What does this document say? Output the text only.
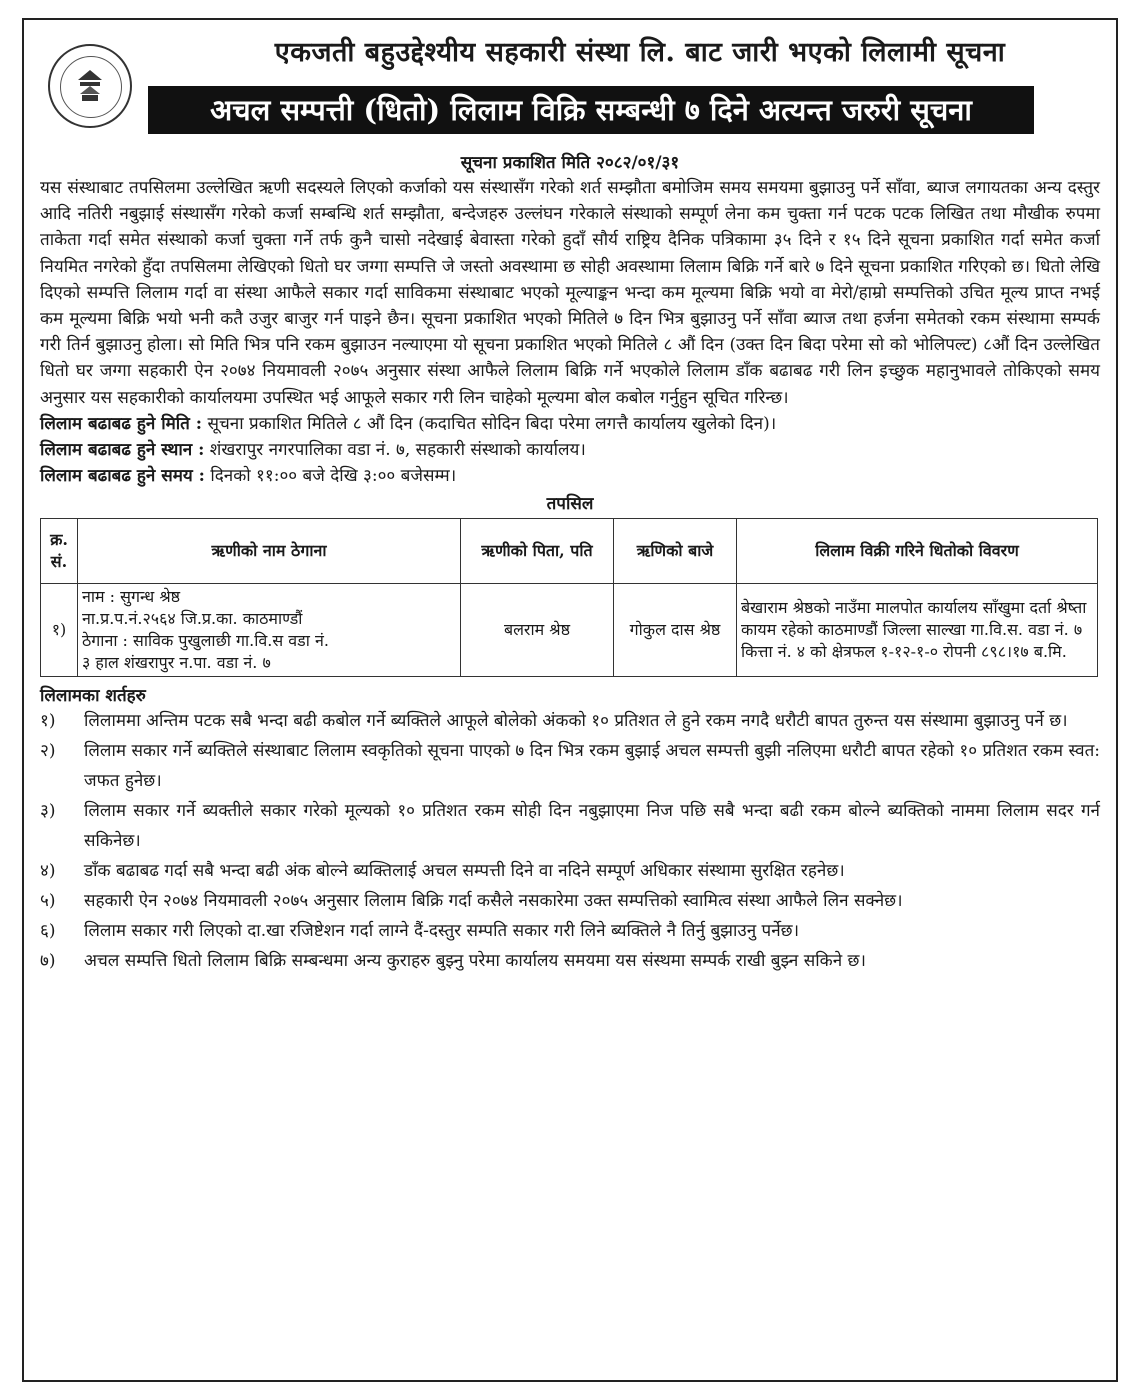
एकजती बहुउद्देश्यीय सहकारी संस्था लि. बाट जारी भएको लिलामी सूचना
अचल सम्पत्ती (धितो) लिलाम विक्रि सम्बन्धी ७ दिने अत्यन्त जरुरी सूचना
सूचना प्रकाशित मिति २०८२/०१/३१

यस संस्थाबाट तपसिलमा उल्लेखित ऋणी सदस्यले लिएको कर्जाको यस संस्थासँग गरेको शर्त सम्झौता बमोजिम समय समयमा बुझाउनु पर्ने साँवा, ब्याज लगायतका अन्य दस्तुर आदि नतिरी नबुझाई संस्थासँग गरेको कर्जा सम्बन्धि शर्त सम्झौता, बन्देजहरु उल्लंघन गरेकाले संस्थाको सम्पूर्ण लेना कम चुक्ता गर्न पटक पटक लिखित तथा मौखीक रुपमा ताकेता गर्दा समेत संस्थाको कर्जा चुक्ता गर्ने तर्फ कुनै चासो नदेखाई बेवास्ता गरेको हुदाँ सौर्य राष्ट्रिय दैनिक पत्रिकामा ३५ दिने र १५ दिने सूचना प्रकाशित गर्दा समेत कर्जा नियमित नगरेको हुँदा तपसिलमा लेखिएको धितो घर जग्गा सम्पत्ति जे जस्तो अवस्थामा छ सोही अवस्थामा लिलाम बिक्रि गर्ने बारे ७ दिने सूचना प्रकाशित गरिएको छ। धितो लेखि दिएको सम्पत्ति लिलाम गर्दा वा संस्था आफैले सकार गर्दा साविकमा संस्थाबाट भएको मूल्याङ्कन भन्दा कम मूल्यमा बिक्रि भयो वा मेरो/हाम्रो सम्पत्तिको उचित मूल्य प्राप्त नभई कम मूल्यमा बिक्रि भयो भनी कतै उजुर बाजुर गर्न पाइने छैन। सूचना प्रकाशित भएको मितिले ७ दिन भित्र बुझाउनु पर्ने साँवा ब्याज तथा हर्जना समेतको रकम संस्थामा सम्पर्क गरी तिर्न बुझाउनु होला। सो मिति भित्र पनि रकम बुझाउन नल्याएमा यो सूचना प्रकाशित भएको मितिले ८ औं दिन (उक्त दिन बिदा परेमा सो को भोलिपल्ट) ८औं दिन उल्लेखित धितो घर जग्गा सहकारी ऐन २०७४ नियमावली २०७५ अनुसार संस्था आफैले लिलाम बिक्रि गर्ने भएकोले लिलाम डाँक बढाबढ गरी लिन इच्छुक महानुभावले तोकिएको समय अनुसार यस सहकारीको कार्यालयमा उपस्थित भई आफूले सकार गरी लिन चाहेको मूल्यमा बोल कबोल गर्नुहुन सूचित गरिन्छ।

लिलाम बढाबढ हुने मिति : सूचना प्रकाशित मितिले ८ औं दिन (कदाचित सोदिन बिदा परेमा लगत्तै कार्यालय खुलेको दिन)।

लिलाम बढाबढ हुने स्थान : शंखरापुर नगरपालिका वडा नं. ७, सहकारी संस्थाको कार्यालय।

लिलाम बढाबढ हुने समय : दिनको ११:०० बजे देखि ३:०० बजेसम्म।

तपसिल
क्र. सं.	ऋणीको नाम ठेगाना	ऋणीको पिता, पति	ऋणिको बाजे	लिलाम विक्री गरिने धितोको विवरण
१)	नाम : सुगन्ध श्रेष्ठ
ना.प्र.प.नं.२५६४ जि.प्र.का. काठमाण्डौं
ठेगाना : साविक पुखुलाछी गा.वि.स वडा नं.
३ हाल शंखरापुर न.पा. वडा नं. ७	बलराम श्रेष्ठ	गोकुल दास श्रेष्ठ	बेखाराम श्रेष्ठको नाउँमा मालपोत कार्यालय साँखुमा दर्ता श्रेष्ता कायम रहेको काठमाण्डौं जिल्ला साल्खा गा.वि.स. वडा नं. ७ कित्ता नं. ४ को क्षेत्रफल १-१२-१-० रोपनी ८९८।१७ ब.मि.
लिलामका शर्तहरु
१) लिलाममा अन्तिम पटक सबै भन्दा बढी कबोल गर्ने ब्यक्तिले आफूले बोलेको अंकको १० प्रतिशत ले हुने रकम नगदै धरौटी बापत तुरुन्त यस संस्थामा बुझाउनु पर्ने छ।
२) लिलाम सकार गर्ने ब्यक्तिले संस्थाबाट लिलाम स्वकृतिको सूचना पाएको ७ दिन भित्र रकम बुझाई अचल सम्पत्ती बुझी नलिएमा धरौटी बापत रहेको १० प्रतिशत रकम स्वत: जफत हुनेछ।
३) लिलाम सकार गर्ने ब्यक्तीले सकार गरेको मूल्यको १० प्रतिशत रकम सोही दिन नबुझाएमा निज पछि सबै भन्दा बढी रकम बोल्ने ब्यक्तिको नाममा लिलाम सदर गर्न सकिनेछ।
४) डाँक बढाबढ गर्दा सबै भन्दा बढी अंक बोल्ने ब्यक्तिलाई अचल सम्पत्ती दिने वा नदिने सम्पूर्ण अधिकार संस्थामा सुरक्षित रहनेछ।
५) सहकारी ऐन २०७४ नियमावली २०७५ अनुसार लिलाम बिक्रि गर्दा कसैले नसकारेमा उक्त सम्पत्तिको स्वामित्व संस्था आफैले लिन सक्नेछ।
६) लिलाम सकार गरी लिएको दा.खा रजिष्टेशन गर्दा लाग्ने दैं-दस्तुर सम्पति सकार गरी लिने ब्यक्तिले नै तिर्नु बुझाउनु पर्नेछ।
७) अचल सम्पत्ति धितो लिलाम बिक्रि सम्बन्धमा अन्य कुराहरु बुझ्नु परेमा कार्यालय समयमा यस संस्थमा सम्पर्क राखी बुझ्न सकिने छ।
